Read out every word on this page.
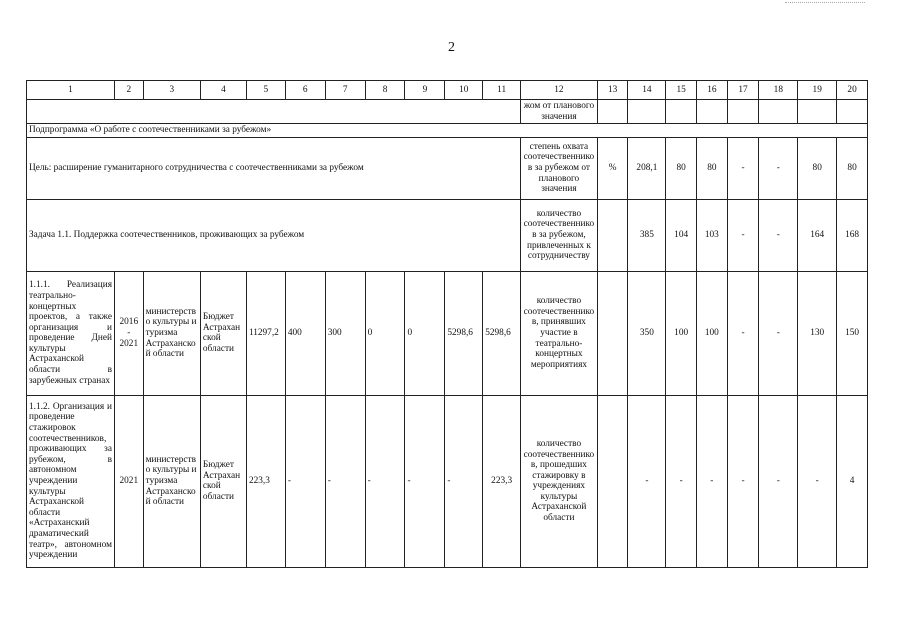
2
1	2	3	4	5	6	7	8	9	10	11	12	13	14	15	16	17	18	19	20
											жом от планового значения								
Подпрограмма «О работе с соотечественниками за рубежом»																			
Цель: расширение гуманитарного сотрудничества с соотечественниками за рубежом											степень охвата соотечественников за рубежом от планового значения	%	208,1	80	80	-	-	80	80
Задача 1.1. Поддержка соотечественников, проживающих за рубежом											количество соотечественников за рубежом, привлеченных к сотрудничеству		385	104	103	-	-	164	168
1.1.1. Реализация театрально-концертных проектов, а также организация и проведение Дней культуры Астраханской области в зарубежных странах	2016 - 2021	министерство культуры и туризма Астраханской области	Бюджет Астраханской области	11297,2	400	300	0	0	5298,6	5298,6	количество соотечественников, принявших участие в театрально-концертных мероприятиях		350	100	100	-	-	130	150
1.1.2. Организация и проведение стажировок соотечественников, проживающих за рубежом, в автономном учреждении культуры Астраханской области «Астраханский драматический театр», автономном учреждении	2021	министерство культуры и туризма Астраханской области	Бюджет Астраханской области	223,3	-	-	-	-	-	223,3	количество соотечественников, прошедших стажировку в учреждениях культуры Астраханской области		-	-	-	-	-	-	4
